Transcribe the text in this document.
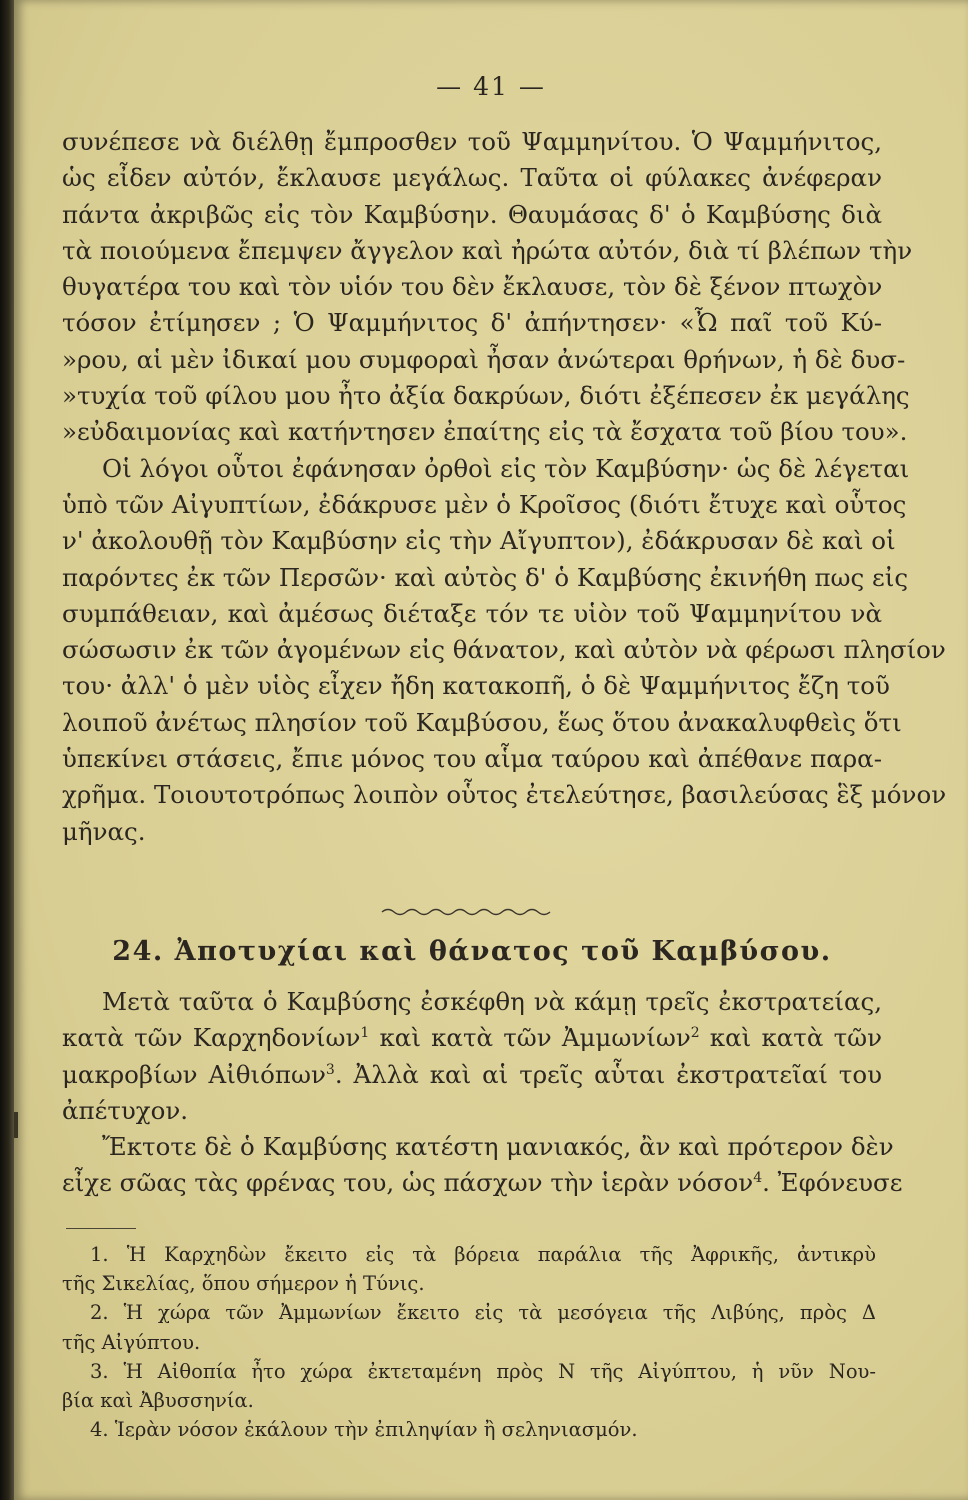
— 41 —
συνέπεσε νὰ διέλθῃ ἔμπροσθεν τοῦ Ψαμμηνίτου. Ὁ Ψαμμήνιτος,
ὡς εἶδεν αὐτόν, ἔκλαυσε μεγάλως. Ταῦτα οἱ φύλακες ἀνέφεραν
πάντα ἀκριβῶς εἰς τὸν Καμβύσην. Θαυμάσας δ' ὁ Καμβύσης διὰ
τὰ ποιούμενα ἔπεμψεν ἄγγελον καὶ ἠρώτα αὐτόν, διὰ τί βλέπων τὴν
θυγατέρα του καὶ τὸν υἱόν του δὲν ἔκλαυσε, τὸν δὲ ξένον πτωχὸν
τόσον ἐτίμησεν ; Ὁ Ψαμμήνιτος δ' ἀπήντησεν· «Ὦ παῖ τοῦ Κύ-
»ρου, αἱ μὲν ἰδικαί μου συμφοραὶ ἦσαν ἀνώτεραι θρήνων, ἡ δὲ δυσ-
»τυχία τοῦ φίλου μου ἦτο ἀξία δακρύων, διότι ἐξέπεσεν ἐκ μεγάλης
»εὐδαιμονίας καὶ κατήντησεν ἐπαίτης εἰς τὰ ἔσχατα τοῦ βίου του».
Οἱ λόγοι οὗτοι ἐφάνησαν ὀρθοὶ εἰς τὸν Καμβύσην· ὡς δὲ λέγεται
ὑπὸ τῶν Αἰγυπτίων, ἐδάκρυσε μὲν ὁ Κροῖσος (διότι ἔτυχε καὶ οὗτος
ν' ἀκολουθῇ τὸν Καμβύσην εἰς τὴν Αἴγυπτον), ἐδάκρυσαν δὲ καὶ οἱ
παρόντες ἐκ τῶν Περσῶν· καὶ αὐτὸς δ' ὁ Καμβύσης ἐκινήθη πως εἰς
συμπάθειαν, καὶ ἀμέσως διέταξε τόν τε υἱὸν τοῦ Ψαμμηνίτου νὰ
σώσωσιν ἐκ τῶν ἀγομένων εἰς θάνατον, καὶ αὐτὸν νὰ φέρωσι πλησίον
του· ἀλλ' ὁ μὲν υἱὸς εἶχεν ἤδη κατακοπῆ, ὁ δὲ Ψαμμήνιτος ἔζη τοῦ
λοιποῦ ἀνέτως πλησίον τοῦ Καμβύσου, ἕως ὅτου ἀνακαλυφθεὶς ὅτι
ὑπεκίνει στάσεις, ἔπιε μόνος του αἷμα ταύρου καὶ ἀπέθανε παρα-
χρῆμα. Τοιουτοτρόπως λοιπὸν οὗτος ἐτελεύτησε, βασιλεύσας ἓξ μόνον
μῆνας.
24. Ἀποτυχίαι καὶ θάνατος τοῦ Καμβύσου.
Μετὰ ταῦτα ὁ Καμβύσης ἐσκέφθη νὰ κάμῃ τρεῖς ἐκστρατείας,
κατὰ τῶν Καρχηδονίων$^1$ καὶ κατὰ τῶν Ἀμμωνίων$^2$ καὶ κατὰ τῶν
μακροβίων Αἰθιόπων$^3$. Ἀλλὰ καὶ αἱ τρεῖς αὗται ἐκστρατεῖαί του
ἀπέτυχον.
Ἔκτοτε δὲ ὁ Καμβύσης κατέστη μανιακός, ἂν καὶ πρότερον δὲν
εἶχε σῶας τὰς φρένας του, ὡς πάσχων τὴν ἱερὰν νόσον$^4$. Ἐφόνευσε
1. Ἡ Καρχηδὼν ἔκειτο εἰς τὰ βόρεια παράλια τῆς Ἀφρικῆς, ἀντικρὺ
τῆς Σικελίας, ὅπου σήμερον ἡ Τύνις.
2. Ἡ χώρα τῶν Ἀμμωνίων ἔκειτο εἰς τὰ μεσόγεια τῆς Λιβύης, πρὸς Δ
τῆς Αἰγύπτου.
3. Ἡ Αἰθοπία ἦτο χώρα ἐκτεταμένη πρὸς Ν τῆς Αἰγύπτου, ἡ νῦν Νου-
βία καὶ Ἀβυσσηνία.
4. Ἱερὰν νόσον ἐκάλουν τὴν ἐπιληψίαν ἢ σεληνιασμόν.
